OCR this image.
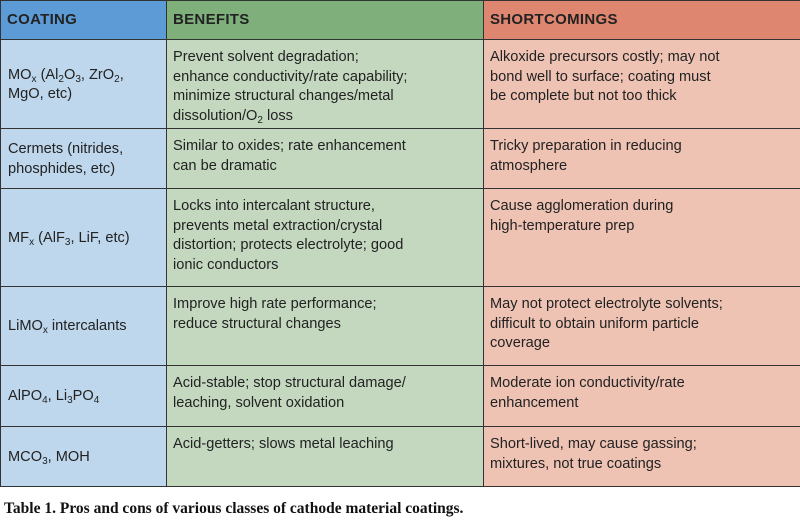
COATING	BENEFITS	SHORTCOMINGS
$MO_x$ ($Al_2O_3$, ZrO$_2$,
MgO, etc)	Prevent solvent degradation;
enhance conductivity/rate capability;
minimize structural changes/metal
dissolution/$O_2$ loss	Alkoxide precursors costly; may not
bond well to surface; coating must
be complete but not too thick
Cermets (nitrides,
phosphides, etc)	Similar to oxides; rate enhancement
can be dramatic	Tricky preparation in reducing
atmosphere
$MF_x$ (AlF$_3$, LiF, etc)	Locks into intercalant structure,
prevents metal extraction/crystal
distortion; protects electrolyte; good
ionic conductors	Cause agglomeration during
high-temperature prep
LiMO$_x$ intercalants	Improve high rate performance;
reduce structural changes	May not protect electrolyte solvents;
difficult to obtain uniform particle
coverage
AlPO$_4$, $Li_3PO_4$	Acid-stable; stop structural damage/
leaching, solvent oxidation	Moderate ion conductivity/rate
enhancement
$MCO_3$, MOH	Acid-getters; slows metal leaching	Short-lived, may cause gassing;
mixtures, not true coatings
Table 1. Pros and cons of various classes of cathode material coatings.
